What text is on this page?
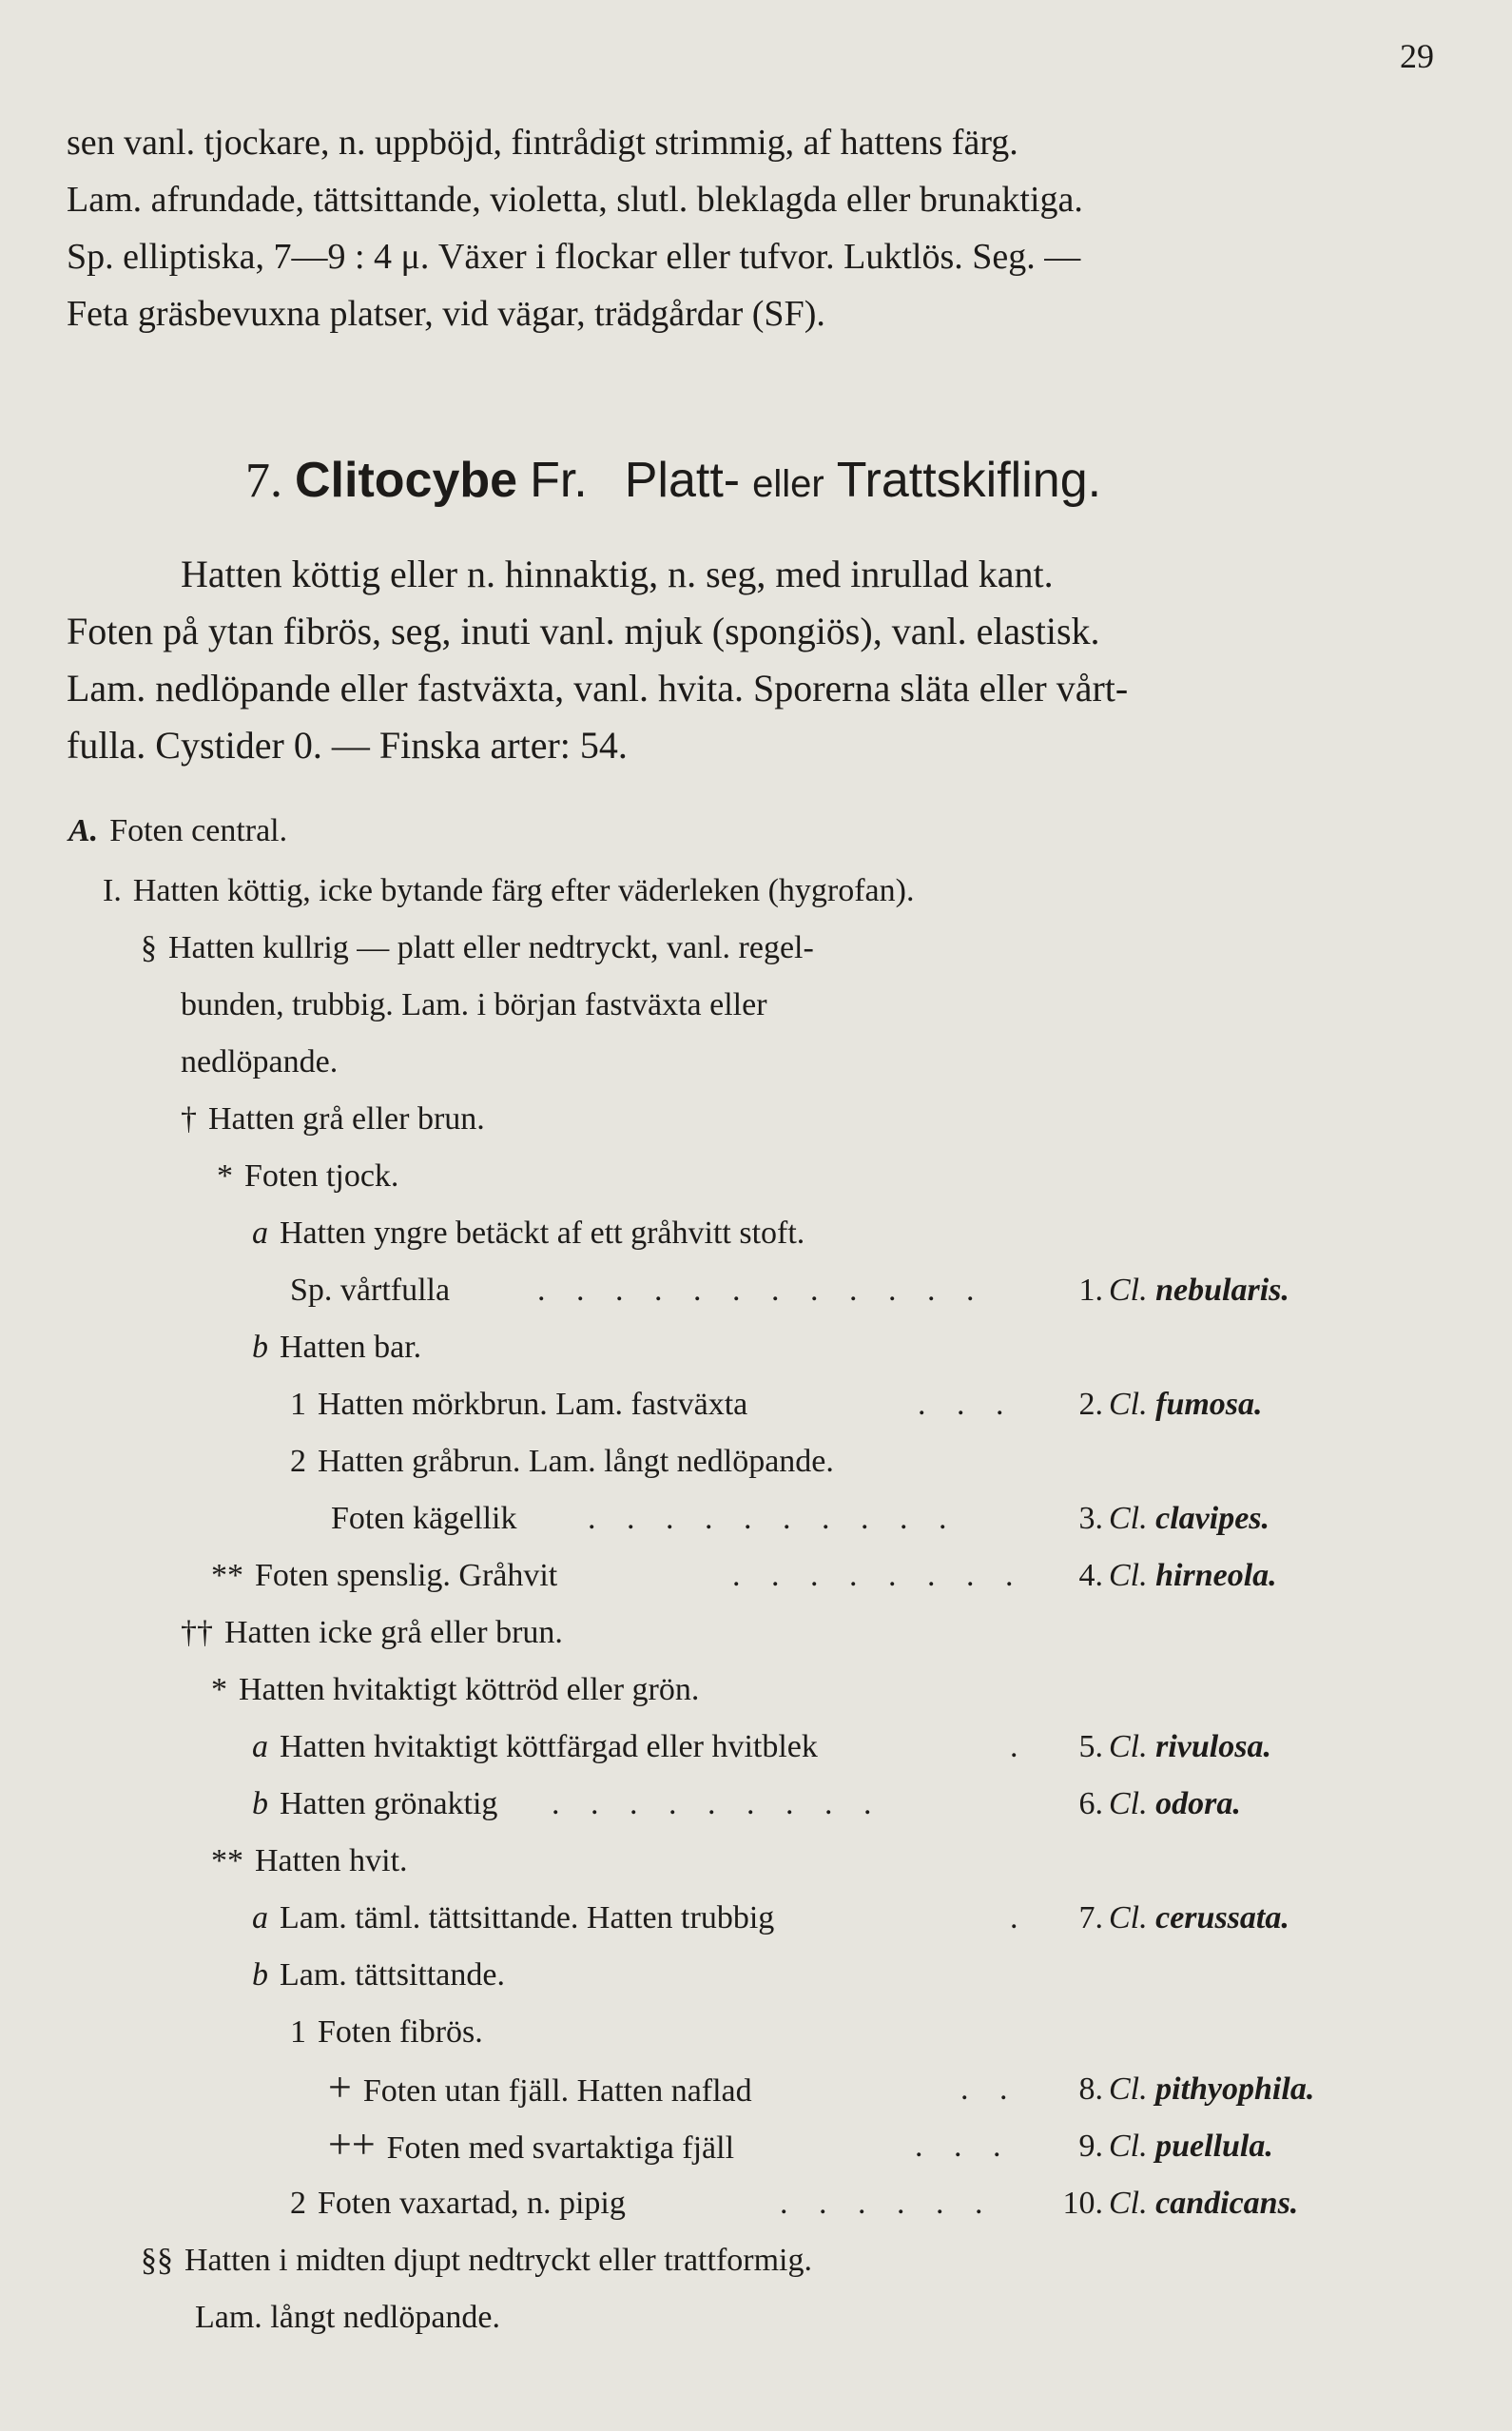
29
sen vanl. tjockare, n. uppböjd, fintrådigt strimmig, af hattens färg.
Lam. afrundade, tättsittande, violetta, slutl. bleklagda eller brunaktiga.
Sp. elliptiska, 7—9 : 4 μ. Växer i flockar eller tufvor. Luktlös. Seg. —
Feta gräsbevuxna platser, vid vägar, trädgårdar (SF).
7. Clitocybe Fr. Platt- eller Trattskifling.
Hatten köttig eller n. hinnaktig, n. seg, med inrullad kant.
Foten på ytan fibrös, seg, inuti vanl. mjuk (spongiös), vanl. elastisk.
Lam. nedlöpande eller fastväxta, vanl. hvita. Sporerna släta eller vårt-
fulla. Cystider 0. — Finska arter: 54.
A. Foten central.
I. Hatten köttig, icke bytande färg efter väderleken (hygrofan).
§ Hatten kullrig — platt eller nedtryckt, vanl. regel-
bunden, trubbig. Lam. i början fastväxta eller
nedlöpande.
† Hatten grå eller brun.
* Foten tjock.
a Hatten yngre betäckt af ett gråhvitt stoft.
Sp. vårtfulla	. . . . . . . . . . . .	1. Cl. nebularis.
b Hatten bar.
1 Hatten mörkbrun. Lam. fastväxta	. . .	2. Cl. fumosa.
2 Hatten gråbrun. Lam. långt nedlöpande.
Foten kägellik . . . . . . . . . .	3. Cl. clavipes.
** Foten spenslig. Gråhvit	. . . . . . . .	4. Cl. hirneola.
†† Hatten icke grå eller brun.
* Hatten hvitaktigt köttröd eller grön.
a Hatten hvitaktigt köttfärgad eller hvitblek	.	5. Cl. rivulosa.
b Hatten grönaktig . . . . . . . . .	6. Cl. odora.
** Hatten hvit.
a Lam. täml. tättsittande. Hatten trubbig	.	7. Cl. cerussata.
b Lam. tättsittande.
1 Foten fibrös.
+ Foten utan fjäll. Hatten naflad	. .	8. Cl. pithyophila.
++ Foten med svartaktiga fjäll	. . .	9. Cl. puellula.
2 Foten vaxartad, n. pipig	. . . . . .	10. Cl. candicans.
§§ Hatten i midten djupt nedtryckt eller trattformig.
Lam. långt nedlöpande.
